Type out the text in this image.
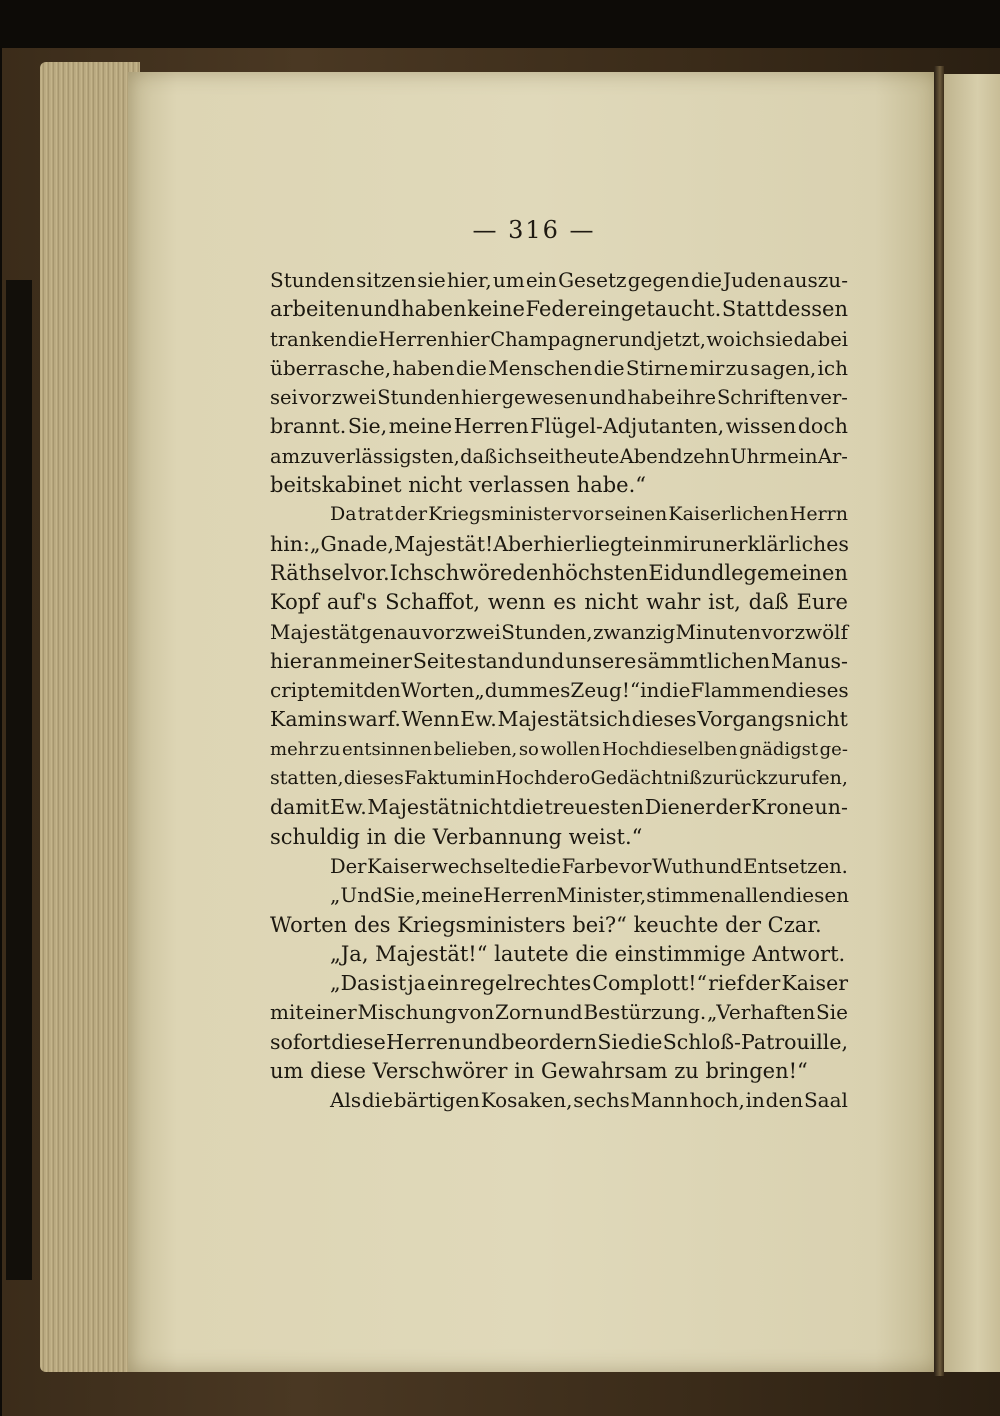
— 316 —
Stunden sitzen sie hier, um ein Gesetz gegen die Juden auszu-
arbeiten und haben keine Feder eingetaucht. Statt dessen
tranken die Herren hier Champagner und jetzt, wo ich sie dabei
überrasche, haben die Menschen die Stirne mir zu sagen, ich
sei vor zwei Stunden hier gewesen und habe ihre Schriften ver-
brannt. Sie, meine Herren Flügel-Adjutanten, wissen doch
am zuverlässigsten, daß ich seit heute Abend zehn Uhr mein Ar-
beitskabinet nicht verlassen habe.“
Da trat der Kriegsminister vor seinen Kaiserlichen Herrn
hin: „Gnade, Majestät! Aber hier liegt ein mir unerklärliches
Räthsel vor. Ich schwöre den höchsten Eid und lege meinen
Kopf auf's Schaffot, wenn es nicht wahr ist, daß Eure
Majestät genau vor zwei Stunden, zwanzig Minuten vor zwölf
hier an meiner Seite stand und unsere sämmtlichen Manus-
cripte mit den Worten „dummes Zeug!“ in die Flammen dieses
Kamins warf. Wenn Ew. Majestät sich dieses Vorgangs nicht
mehr zu entsinnen belieben, so wollen Hochdieselben gnädigst ge-
statten, dieses Faktum in Hochdero Gedächtniß zurückzurufen,
damit Ew. Majestät nicht die treuesten Diener der Krone un-
schuldig in die Verbannung weist.“
Der Kaiser wechselte die Farbe vor Wuth und Entsetzen.
„Und Sie, meine Herren Minister, stimmen allen diesen
Worten des Kriegsministers bei?“ keuchte der Czar.
„Ja, Majestät!“ lautete die einstimmige Antwort.
„Das ist ja ein regelrechtes Complott!“ rief der Kaiser
mit einer Mischung von Zorn und Bestürzung. „Verhaften Sie
sofort diese Herren und beordern Sie die Schloß-Patrouille,
um diese Verschwörer in Gewahrsam zu bringen!“
Als die bärtigen Kosaken, sechs Mann hoch, in den Saal
